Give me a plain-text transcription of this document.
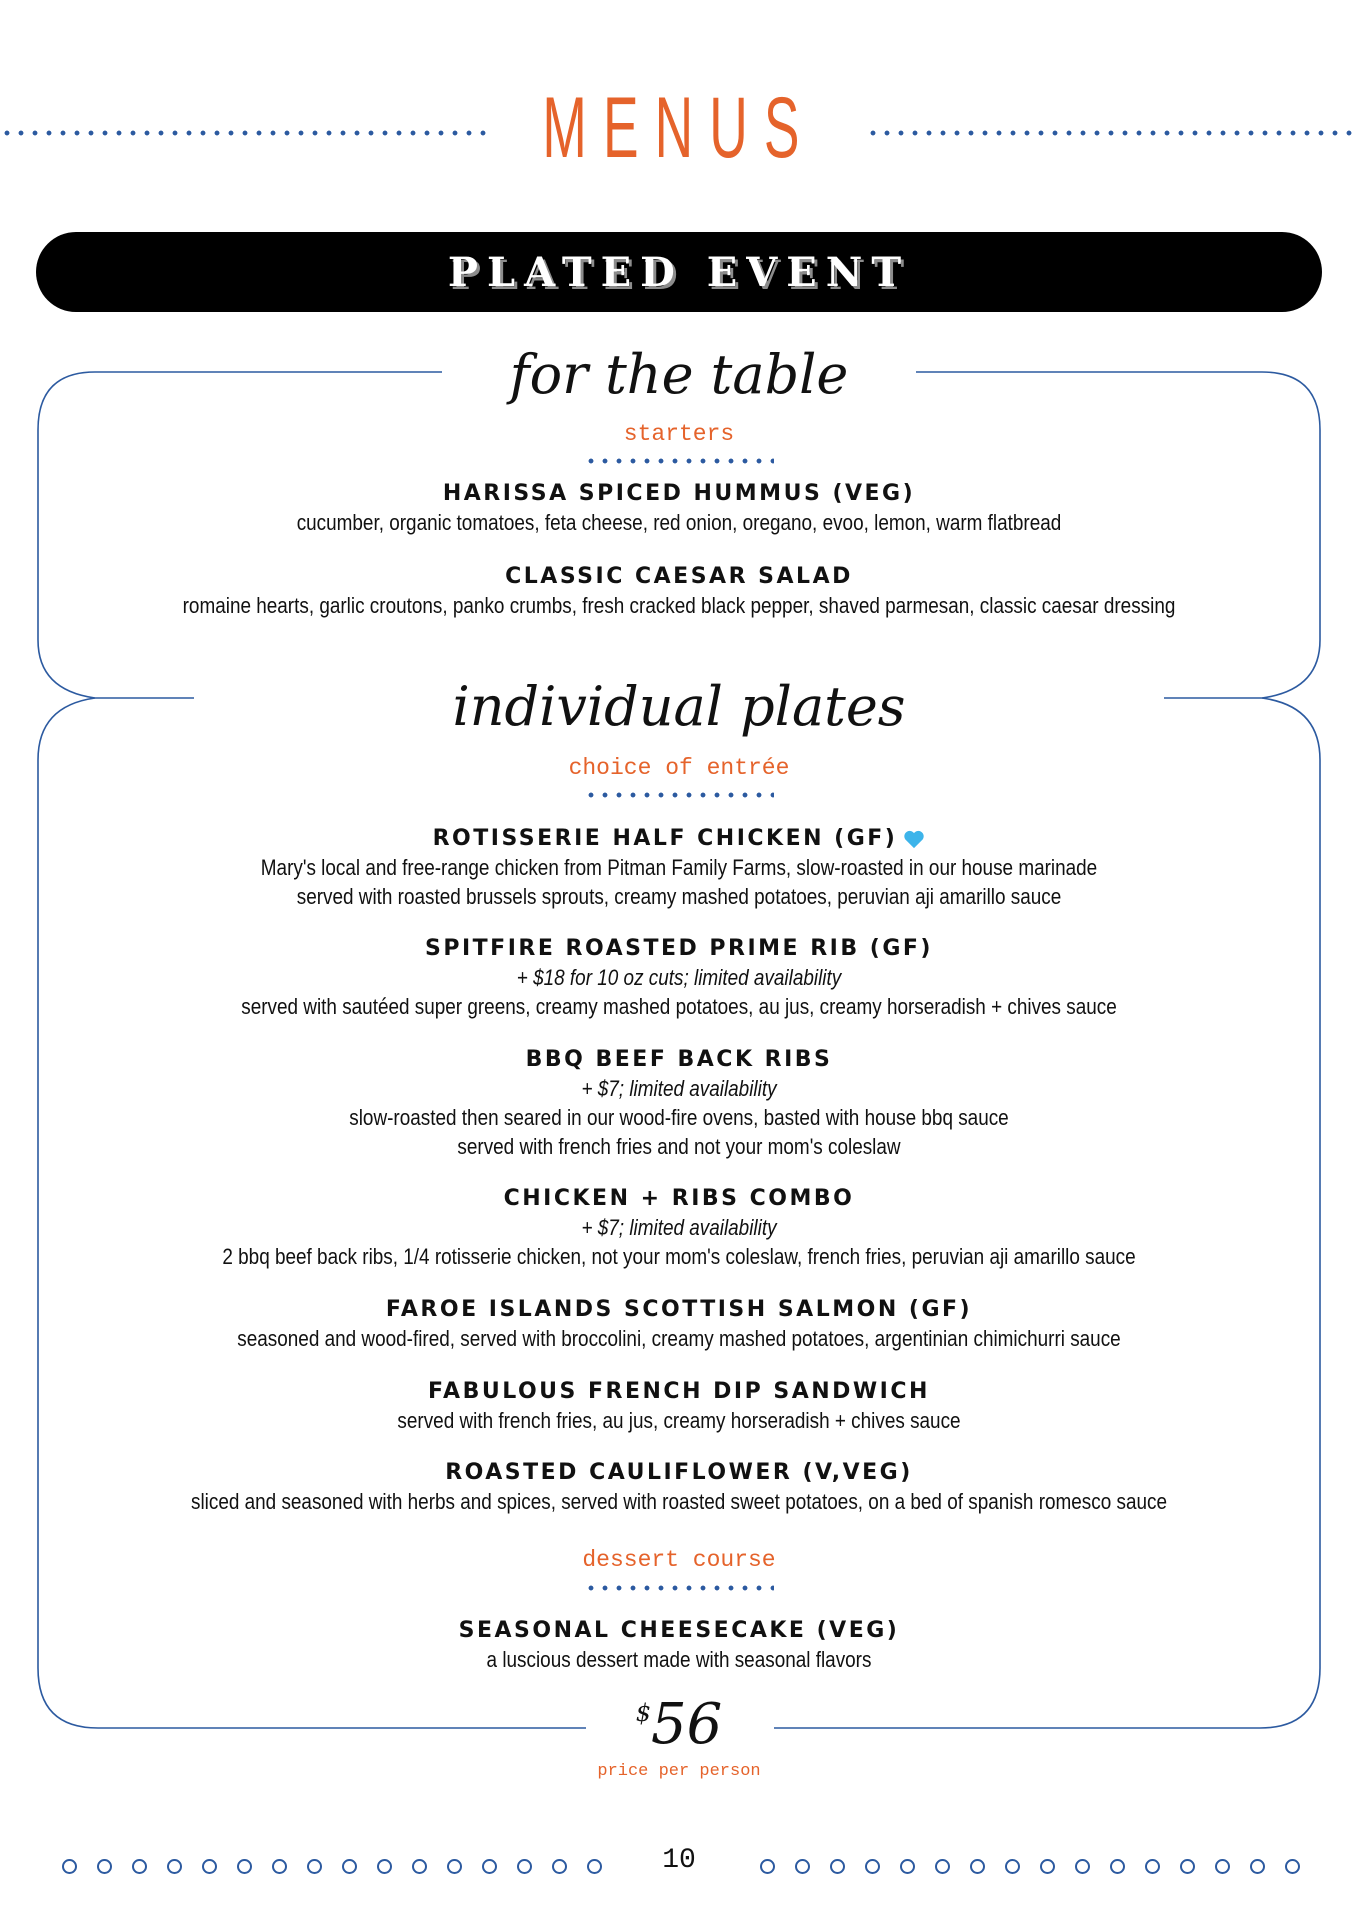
MENUS
PLATED EVENT
for the table
starters
HARISSA SPICED HUMMUS (VEG)
cucumber, organic tomatoes, feta cheese, red onion, oregano, evoo, lemon, warm flatbread
CLASSIC CAESAR SALAD
romaine hearts, garlic croutons, panko crumbs, fresh cracked black pepper, shaved parmesan, classic caesar dressing
individual plates
choice of entrée
ROTISSERIE HALF CHICKEN (GF)
Mary's local and free-range chicken from Pitman Family Farms, slow-roasted in our house marinade
served with roasted brussels sprouts, creamy mashed potatoes, peruvian aji amarillo sauce
SPITFIRE ROASTED PRIME RIB (GF)
+ $18 for 10 oz cuts; limited availability
served with sautéed super greens, creamy mashed potatoes, au jus, creamy horseradish + chives sauce
BBQ BEEF BACK RIBS
+ $7; limited availability
slow-roasted then seared in our wood-fire ovens, basted with house bbq sauce
served with french fries and not your mom's coleslaw
CHICKEN + RIBS COMBO
+ $7; limited availability
2 bbq beef back ribs, 1/4 rotisserie chicken, not your mom's coleslaw, french fries, peruvian aji amarillo sauce
FAROE ISLANDS SCOTTISH SALMON (GF)
seasoned and wood-fired, served with broccolini, creamy mashed potatoes, argentinian chimichurri sauce
FABULOUS FRENCH DIP SANDWICH
served with french fries, au jus, creamy horseradish + chives sauce
ROASTED CAULIFLOWER (V,VEG)
sliced and seasoned with herbs and spices, served with roasted sweet potatoes, on a bed of spanish romesco sauce
dessert course
SEASONAL CHEESECAKE (VEG)
a luscious dessert made with seasonal flavors
$56
price per person
10
